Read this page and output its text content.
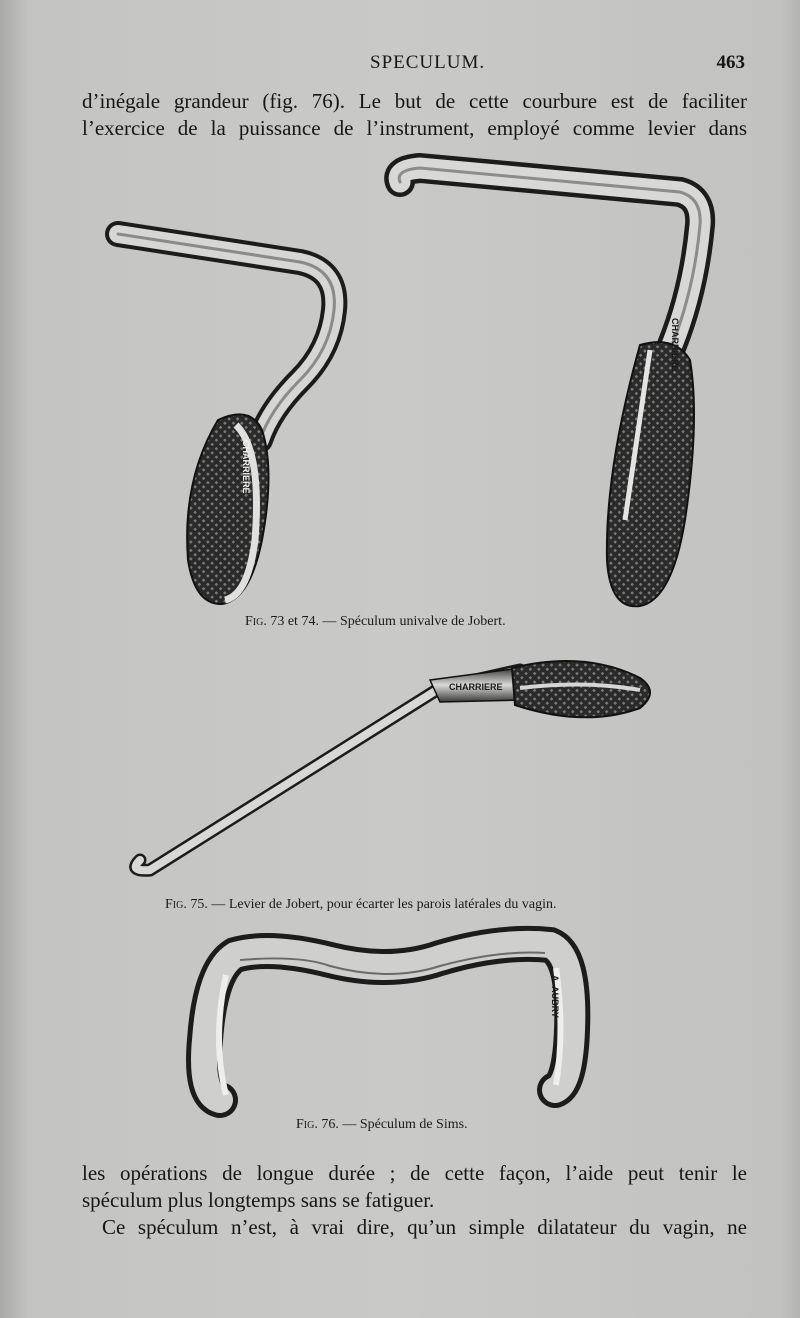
SPECULUM.	463

d’inégale grandeur (fig. 76). Le but de cette courbure est de faciliter

l’exercice de la puissance de l’instrument, employé comme levier dans

CHARRIERE
CHARRIERE
CHARRIERE
A. AUBRY
Fig. 73 et 74. — Spéculum univalve de Jobert.
Fig. 75. — Levier de Jobert, pour écarter les parois latérales du vagin.
Fig. 76. — Spéculum de Sims.

les opérations de longue durée ; de cette façon, l’aide peut tenir le

spéculum plus longtemps sans se fatiguer.

Ce spéculum n’est, à vrai dire, qu’un simple dilatateur du vagin, ne
